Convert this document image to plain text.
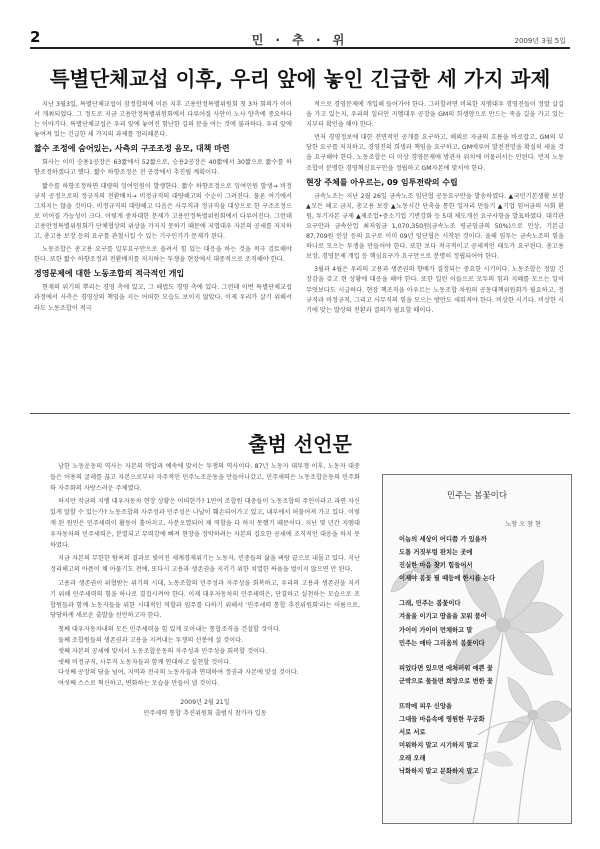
2	민 · 추 · 위	2009년 3월 5일
특별단체교섭 이후, 우리 앞에 놓인 긴급한 세 가지 과제

지난 3월3일, 특별단체교섭이 잠정합의에 이른 지후 고용안정특별위원회 첫 3차 회의가 이어서 개최되었다. 그 정도로 지금 고용안정특별위원회에서 다루어질 사안이 노사 양측에 중요하다는 이야기다. 특별단체교섭은 우리 앞에 놓여진 험난한 길의 문을 여는 것에 불과하다. 우리 앞에 놓여져 있는 긴급한 세 가지의 과제를 정리해본다.

짧수 조정에 숨어있는, 사측의 구조조정 음모, 대책 마련

회사는 이미 승용1공장은 63짧에서 52짧으로, 승용2공장은 40짧에서 30짧으로 짧수를 하향조정하겠다고 했다. 짧수 하향조정은 전 공장에서 추진될 계획이다.

짧수를 하향조정하면 대량의 잉여인원이 발생한다. 짧수 하향조정으로 잉여인원 발생→ 비정규직 공정으로의 정규직의 전환배치→ 비정규직의 대량해고의 수순이 그려진다. 물론 여기에서 그치지는 않을 것이다. 비정규직의 대량해고 다음은 사무직과 정규직을 대상으로 한 구조조정으로 이어질 가능성이 크다. 이렇게 중차대한 문제가 고용안정특별위원회에서 다루어진다. 그런데 고용안정특별위원회가 단체협상의 위상을 가지지 못하기 때문에 지엽대우 자본의 공세를 저지하고, 총고용 보장 등의 요구를 관철시킬 수 있는 기구인가가 문제가 된다.

노동조합은 총고용 요구를 일부요구안으로 올려서 힘 있는 대응을 하는 것을 적극 검토해야 한다. 또한 짧수 하향조정과 전환배치를 저지하는 투쟁을 현장에서 대중적으로 조직해야 한다.

경영문제에 대한 노동조합의 적극적인 개입

현재의 위기의 뿌리는 경영 측에 있고, 그 해법도 경영 측에 있다. 그런데 이번 특별단체교섭 과정에서 사측은 경영상의 책임을 지는 어떠한 모습도 보이지 않았다. 이제 우리가 살기 위해서라도 노동조합이 적극

적으로 경영문제에 개입해 들어가야 한다. 그러할려면 비록한 지엠대우 경영진들이 정말 살길을 가고 있는지, 우리의 일터인 지엠대우 공장을 GM의 희생양으로 만드는 죽을 길을 가고 있는지부터 확인을 해야 한다.

먼저 경영정보에 대한 전면적인 공개를 요구하고, 해외로 자금의 흐름을 바로잡고, GM의 부당한 요구를 저지하고, 경영진의 희생과 책임을 요구하고, GM에루어 발전전망을 확실히 세울 것을 요구해야 한다. 노동조합은 더 이상 경영문제에 방관자 위치에 머물러서는 안된다. 먼저 노동조합이 분명한 경영혁신요구안을 정립하고 GM자본에 맞서야 한다.

현장 주체를 아우르는, 09 임투전략의 수립

금속노조는 지난 2월 26일 금속노조 임단협 공동요구안을 발송하였다. ▲국민기본생활 보장 ▲모든 해고 금지, 총고용 보장 ▲노동시간 단축을 통한 일자리 만들기 ▲기업 임어금의 사회 환원, 투기자본 규제 ▲제조업•중소기업 기반강화 등 5대 제도개선 요구사항을 발표하였다. 대각관 요구안과 금속산업 최저임금 1,070,350원(금속노조 평균임금의 50%)으로 인상, 기본급 87,709원 인상 등의 요구로 이미 09년 임단협은 시작된 것이다. 올해 임투는 금속노조의 힘을 하나로 모으는 투쟁을 만들어야 한다. 또한 보다 적극적이고 공세적인 태도가 요구된다. 총고용 보장, 경영문제 개입 등 핵심요구가 요구안으로 분명히 정립되어야 한다.

3월과 4월은 우리의 고용과 생존권의 향배가 결정되는 중요한 시기이다. 노동조합은 정말 긴장감을 갖고 현 상황에 대응을 해야 한다. 또한 일린 이들으로 모두의 힘과 지혜를 모으는 일이 무엇보다도 시급하다. 현장 책조직을 아우르는 노동조합 차원의 공동대책위원회가 필요하고, 정규직과 비정규직, 그리고 사무직의 힘을 모으는 방안도 세워져야 한다. 비상한 시기다. 비상한 시기에 맞는 발상의 전환과 결의가 필요할 때이다.

출범 선언문

남한 노동운동의 역사는 자본의 억압과 예속에 맞서는 투쟁의 역사이다. 87년 노동자 대투쟁 이후, 노동자 대중들은 어용의 굴레를 끊고 자본으로부터 자주적인 민주노조운동을 만들어나갔고, 민주세력은 노동조합운동의 민주화와 자주화의 자랑스러운 주체였다.

하지만 작금의 지엠 대우자동차 현장 상황은 어떠한가? 1만여 조합원 대중들이 노동조합의 주인이라고 과연 자신 있게 말할 수 있는가? 노동조합의 자주성과 민주성은 나날이 훼손되어가고 있고, 내부에서 허물어져 가고 있다. 이렇게 된 원인은 민주세력이 활동이 흩어지고, 사분오열되어 제 역할을 다 하지 못했기 때문이다. 지난 몇 년간 지엠대우자동차의 민주세력은, 분열되고 무력감에 빠져 현장을 장악하려는 자본의 집요한 공세에 조직적인 대응을 하지 못하였다.

지금 자본의 무한한 탐욕의 결과로 빚어진 세계경제위기는 노동자, 민중들의 삶을 벼랑 끝으로 내몰고 있다. 지난 정리해고의 아픔이 채 아물기도 전에, 또다시 고용과 생존권을 지키기 위한 치열한 싸움을 벌이지 않으면 안 된다.

고용과 생존권이 위협받는 위기의 시대, 노동조합의 민주성과 자주성을 회복하고, 우리의 고용과 생존권을 지키기 위해 민주세력의 힘을 하나로 결집시켜야 한다. 이제 대우자동차의 민주세력은, 단결하고 실천하는 모습으로 조합원들과 함께 노동자들을 위한 시대적인 역할과 임무를 다하기 위해서 '민주세력 통합 추진위원회'라는 이름으로, 당당하게 새로운 출발을 선언하고자 한다.

첫째 대우자동차내의 모든 민주세력을 힘 있게 모아내는 통합조직을 건설할 것이다.

둘째 조합원들의 생존권과 고용을 지켜내는 투쟁의 선봉에 설 것이다.

셋째 자본의 공세에 맞서서 노동조합운동의 자주성과 민주성을 회복할 것이다.

넷째 비정규직, 사무직 노동자들과 함께 연대하고 실천할 것이다.

다섯째 공장의 담을 넘어, 지역과 전국의 노동자들과 연대하여 정권과 자본에 맞설 것이다.

여섯째 스스로 혁신하고, 변화하는 모습을 만들어 낼 것이다.

2009년 2월 21일
민주세력 통합 추진위원회 출범식 참가자 일동
민주는 봄꽃이다
노창 오 창 현
이놈의 세상이 어디쯤 가 있을까
도톰 거짓부렁 판치는 곳에
진실한 마음 찾기 힘들어서
이제야 봄꽃 필 때등에 한시름 논다
그래, 민주는 봄꽃이다
겨울을 이기고 땅을을 꼬워 품어
가이이 가이이 먼채하고 말
민주는 애타 그리움의 봄꽃이다
피었다면 있으면 에처러워 예쁜 꽃
군박으로 물들면 희망으로 변한 꽃
뜨락에 피우 신앙을
그대들 마음속에 영원한 무궁화
서로 서로
미워하지 말고 시기하지 말고
오래 오래
낙화하지 말고 분화하지 말고
